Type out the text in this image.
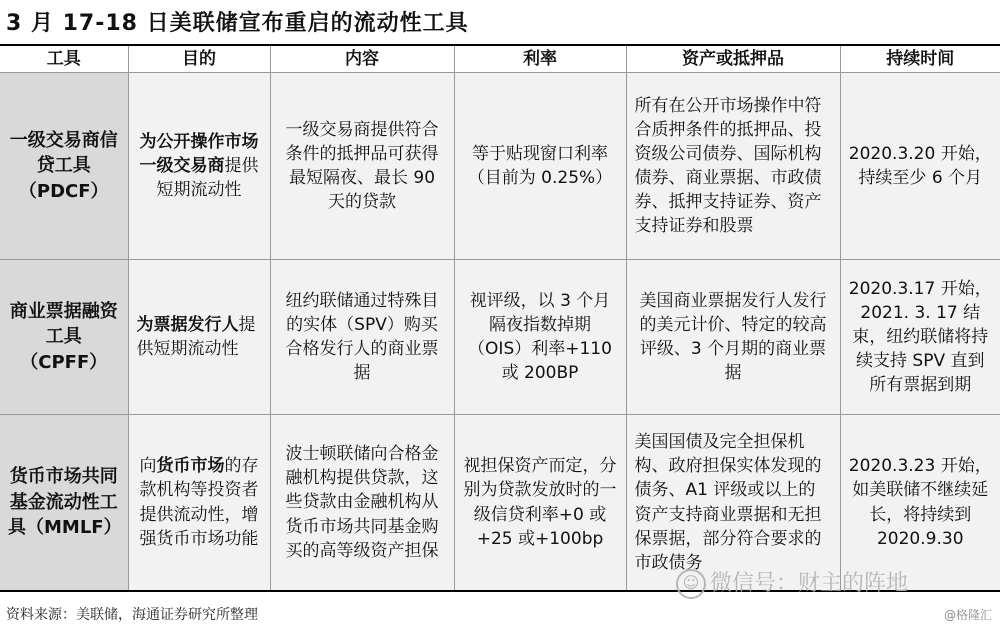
3 月 17-18 日美联储宣布重启的流动性工具
工具	目的	内容	利率	资产或抵押品	持续时间
一级交易商信贷工具（PDCF）	为公开操作市场一级交易商提供短期流动性	一级交易商提供符合条件的抵押品可获得最短隔夜、最长 90 天的贷款	等于贴现窗口利率（目前为 0.25%）	所有在公开市场操作中符合质押条件的抵押品、投资级公司债券、国际机构债券、商业票据、市政债券、抵押支持证券、资产支持证券和股票	2020.3.20 开始，持续至少 6 个月
商业票据融资工具（CPFF）	为票据发行人提供短期流动性	纽约联储通过特殊目的实体（SPV）购买合格发行人的商业票据	视评级，以 3 个月隔夜指数掉期（OIS）利率+110 或 200BP	美国商业票据发行人发行的美元计价、特定的较高评级、3 个月期的商业票据	2020.3.17 开始，2021. 3. 17 结束，纽约联储将持续支持 SPV 直到所有票据到期
货币市场共同基金流动性工具（MMLF）	向货币市场的存款机构等投资者提供流动性，增强货币市场功能	波士顿联储向合格金融机构提供贷款，这些贷款由金融机构从货币市场共同基金购买的高等级资产担保	视担保资产而定，分别为贷款发放时的一级信贷利率+0 或+25 或+100bp	美国国债及完全担保机构、政府担保实体发现的债务、A1 评级或以上的资产支持商业票据和无担保票据，部分符合要求的市政债务	2020.3.23 开始，如美联储不继续延长，将持续到 2020.9.30
资料来源：美联储，海通证券研究所整理
☺ 微信号：财主的阵地
@格隆汇
